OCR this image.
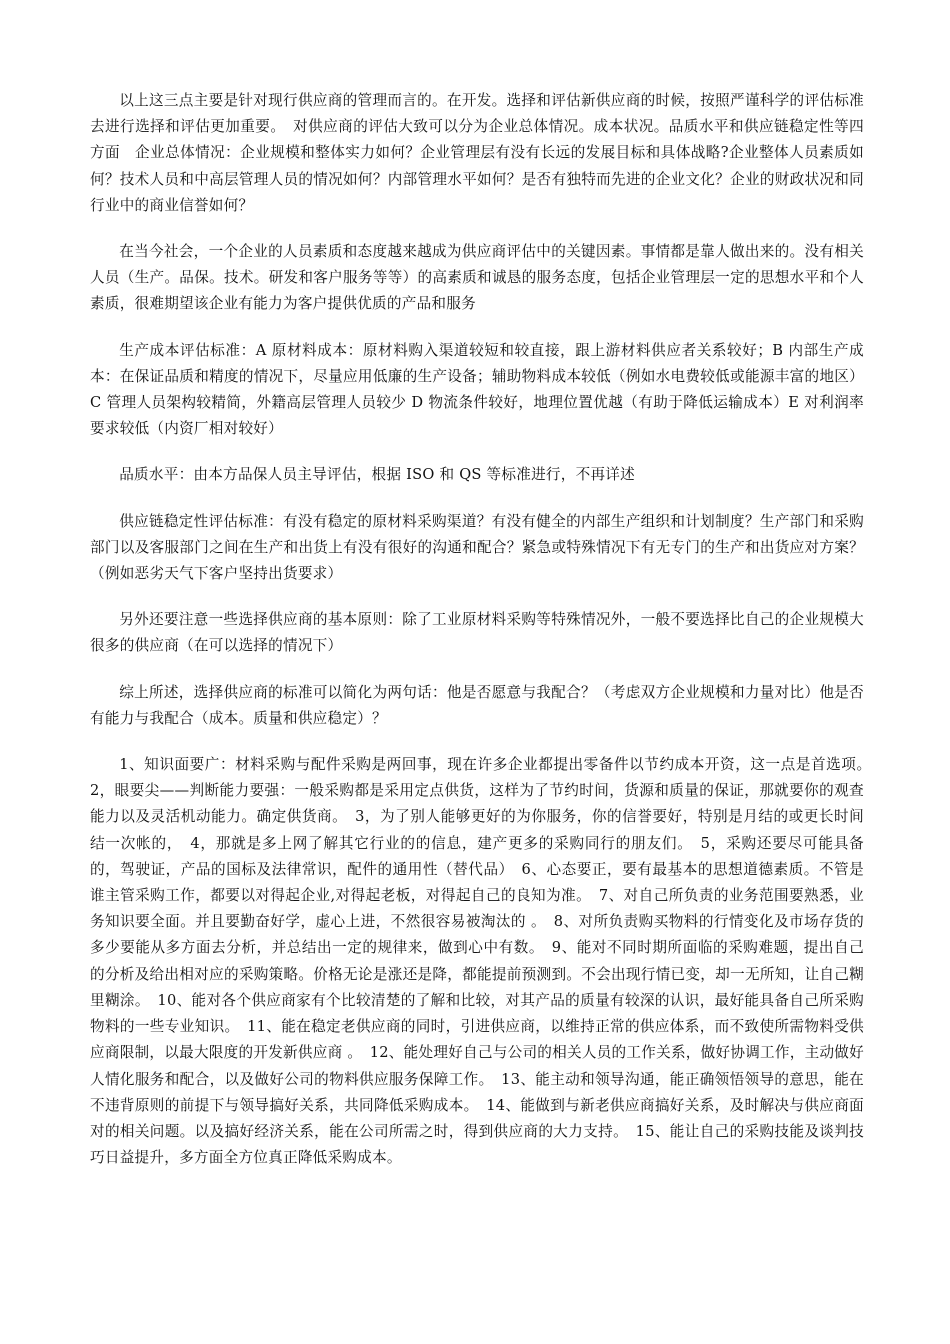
以上这三点主要是针对现行供应商的管理而言的。在开发。选择和评估新供应商的时候，按照严谨科学的评估标准去进行选择和评估更加重要。　对供应商的评估大致可以分为企业总体情况。成本状况。品质水平和供应链稳定性等四方面　企业总体情况：企业规模和整体实力如何？企业管理层有没有长远的发展目标和具体战略?企业整体人员素质如何？技术人员和中高层管理人员的情况如何？内部管理水平如何？是否有独特而先进的企业文化？企业的财政状况和同行业中的商业信誉如何？

在当今社会，一个企业的人员素质和态度越来越成为供应商评估中的关键因素。事情都是靠人做出来的。没有相关人员（生产。品保。技术。研发和客户服务等等）的高素质和诚恳的服务态度，包括企业管理层一定的思想水平和个人素质，很难期望该企业有能力为客户提供优质的产品和服务

生产成本评估标准：A 原材料成本：原材料购入渠道较短和较直接，跟上游材料供应者关系较好；B 内部生产成本：在保证品质和精度的情况下，尽量应用低廉的生产设备；辅助物料成本较低（例如水电费较低或能源丰富的地区）C 管理人员架构较精简，外籍高层管理人员较少 D 物流条件较好，地理位置优越（有助于降低运输成本）E 对利润率要求较低（内资厂相对较好）

品质水平：由本方品保人员主导评估，根据 ISO 和 QS 等标准进行，不再详述

供应链稳定性评估标准：有没有稳定的原材料采购渠道？有没有健全的内部生产组织和计划制度？生产部门和采购部门以及客服部门之间在生产和出货上有没有很好的沟通和配合？紧急或特殊情况下有无专门的生产和出货应对方案？（例如恶劣天气下客户坚持出货要求）

另外还要注意一些选择供应商的基本原则：除了工业原材料采购等特殊情况外，一般不要选择比自己的企业规模大很多的供应商（在可以选择的情况下）

综上所述，选择供应商的标准可以简化为两句话：他是否愿意与我配合？（考虑双方企业规模和力量对比）他是否有能力与我配合（成本。质量和供应稳定）？

1、知识面要广：材料采购与配件采购是两回事，现在许多企业都提出零备件以节约成本开资，这一点是首选项。　2，眼要尖——判断能力要强：一般采购都是采用定点供货，这样为了节约时间，货源和质量的保证，那就要你的观查能力以及灵活机动能力。确定供货商。　3，为了别人能够更好的为你服务，你的信誉要好，特别是月结的或更长时间结一次帐的，　4，那就是多上网了解其它行业的的信息，建产更多的采购同行的朋友们。　5，采购还要尽可能具备的，驾驶证，产品的国标及法律常识，配件的通用性（替代品）　6、心态要正，要有最基本的思想道德素质。不管是谁主管采购工作，都要以对得起企业,对得起老板，对得起自己的良知为准。　7、对自己所负责的业务范围要熟悉，业务知识要全面。并且要勤奋好学，虚心上进，不然很容易被淘汰的 。　8、对所负责购买物料的行情变化及市场存货的多少要能从多方面去分析，并总结出一定的规律来，做到心中有数。　9、能对不同时期所面临的采购难题，提出自己的分析及给出相对应的采购策略。价格无论是涨还是降，都能提前预测到。不会出现行情已变，却一无所知，让自己糊里糊涂。　10、能对各个供应商家有个比较清楚的了解和比较，对其产品的质量有较深的认识，最好能具备自己所采购物料的一些专业知识。　11、能在稳定老供应商的同时，引进供应商，以维持正常的供应体系，而不致使所需物料受供应商限制，以最大限度的开发新供应商 。　12、能处理好自己与公司的相关人员的工作关系，做好协调工作，主动做好人情化服务和配合，以及做好公司的物料供应服务保障工作。　13、能主动和领导沟通，能正确领悟领导的意思，能在不违背原则的前提下与领导搞好关系，共同降低采购成本。　14、能做到与新老供应商搞好关系，及时解决与供应商面对的相关问题。以及搞好经济关系，能在公司所需之时，得到供应商的大力支持。　15、能让自己的采购技能及谈判技巧日益提升，多方面全方位真正降低采购成本。
